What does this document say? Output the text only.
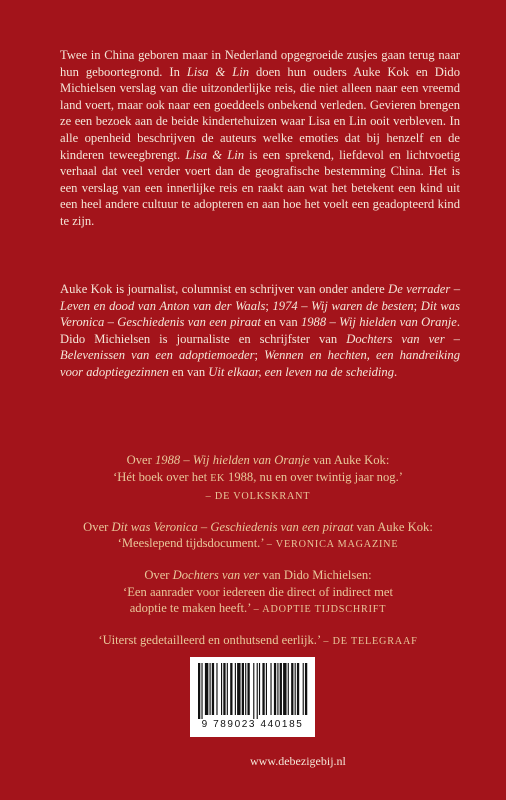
Twee in China geboren maar in Nederland opgegroeide zusjes gaan terug naar hun geboortegrond. In Lisa & Lin doen hun ouders Auke Kok en Dido Michielsen verslag van die uitzonderlijke reis, die niet alleen naar een vreemd land voert, maar ook naar een goeddeels onbekend verleden. Gevieren brengen ze een bezoek aan de beide kindertehuizen waar Lisa en Lin ooit verbleven. In alle openheid beschrijven de auteurs welke emoties dat bij henzelf en de kinderen teweegbrengt. Lisa & Lin is een sprekend, liefdevol en lichtvoetig verhaal dat veel verder voert dan de geografische bestemming China. Het is een verslag van een innerlijke reis en raakt aan wat het betekent een kind uit een heel andere cultuur te adopteren en aan hoe het voelt een geadopteerd kind te zijn.
Auke Kok is journalist, columnist en schrijver van onder andere De verrader – Leven en dood van Anton van der Waals; 1974 – Wij waren de besten; Dit was Veronica – Geschiedenis van een piraat en van 1988 – Wij hielden van Oranje. Dido Michielsen is journaliste en schrijfster van Dochters van ver – Belevenissen van een adoptiemoeder; Wennen en hechten, een handreiking voor adoptiegezinnen en van Uit elkaar, een leven na de scheiding.
Over 1988 – Wij hielden van Oranje van Auke Kok:
‘Hét boek over het EK 1988, nu en over twintig jaar nog.’
– DE VOLKSKRANT
Over Dit was Veronica – Geschiedenis van een piraat van Auke Kok:
‘Meeslepend tijdsdocument.’ – VERONICA MAGAZINE
Over Dochters van ver van Dido Michielsen:
‘Een aanrader voor iedereen die direct of indirect met
adoptie te maken heeft.’ – ADOPTIE TIJDSCHRIFT
‘Uiterst gedetailleerd en onthutsend eerlijk.’ – DE TELEGRAAF
9 789023 440185
www.debezigebij.nl
